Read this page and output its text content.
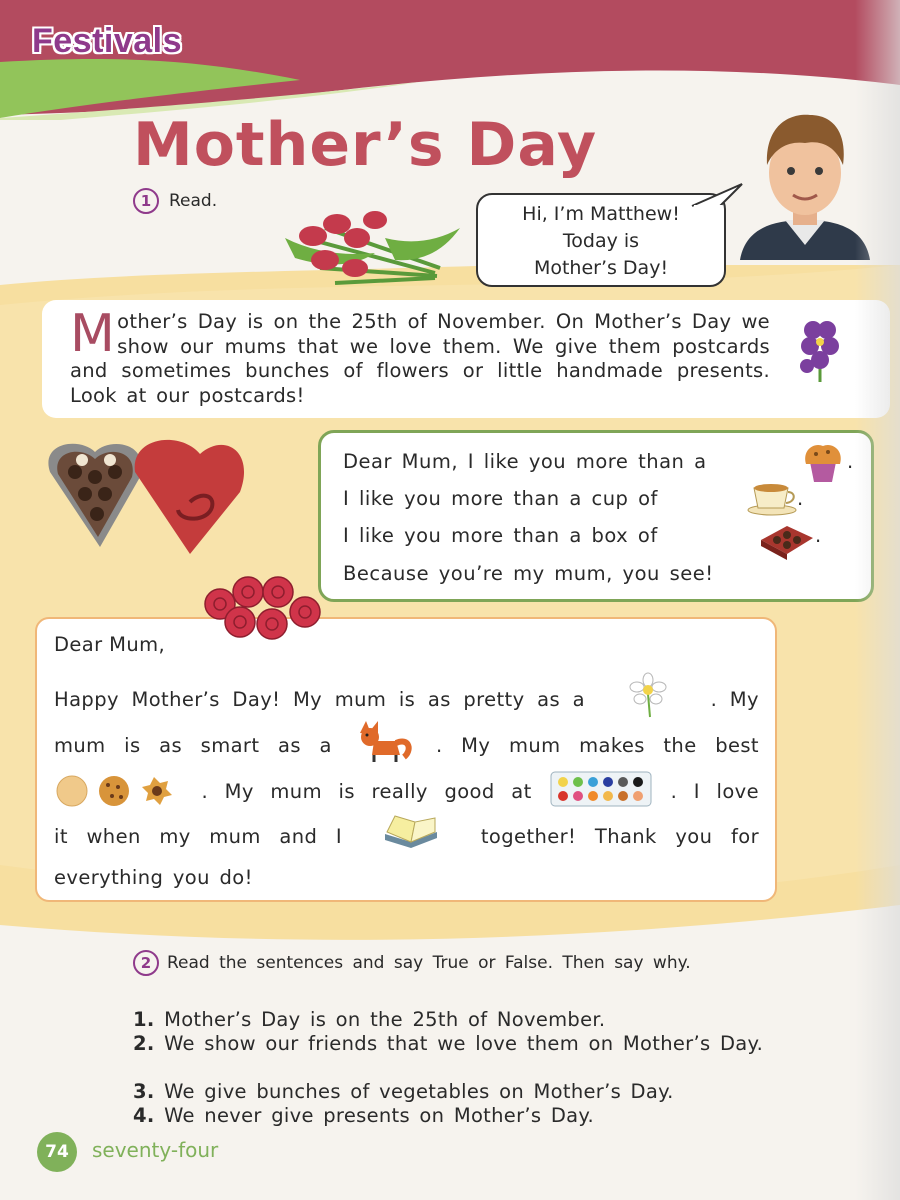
Festivals
Mother’s Day
1 Read.
Hi, I’m Matthew!
Today is
Mother’s Day!
Mother’s Day is on the 25th of November. On Mother’s Day we show our mums that we love them. We give them postcards and sometimes bunches of flowers or little handmade presents. Look at our postcards!
Dear Mum, I like you more than a	.
I like you more than a cup of	.
I like you more than a box of	.
Because you’re my mum, you see!
Dear Mum,
Happy Mother’s Day! My mum is as pretty as a	. My
mum is as smart as a	. My mum makes the best
. My mum is really good at	. I love
it when my mum and I	together! Thank you for
everything you do!
2 Read the sentences and say True or False. Then say why.
1. Mother’s Day is on the 25th of November.
2. We show our friends that we love them on Mother’s Day.
3. We give bunches of vegetables on Mother’s Day.
4. We never give presents on Mother’s Day.
74	seventy-four
